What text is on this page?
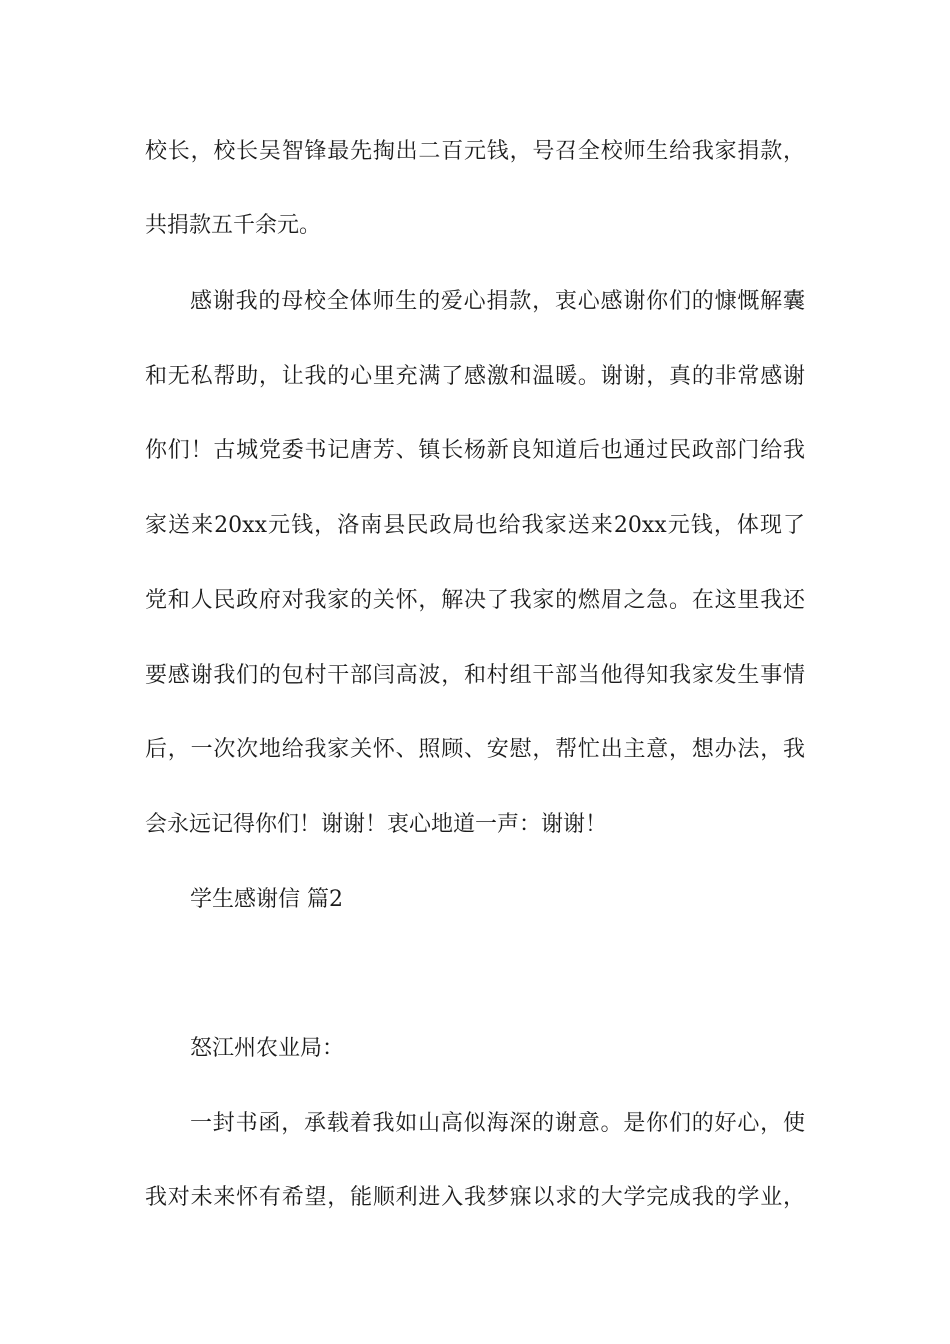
校长，校长吴智锋最先掏出二百元钱，号召全校师生给我家捐款，
共捐款五千余元。
感谢我的母校全体师生的爱心捐款，衷心感谢你们的慷慨解囊
和无私帮助，让我的心里充满了感激和温暖。谢谢，真的非常感谢
你们！古城党委书记唐芳、镇长杨新良知道后也通过民政部门给我
家送来20xx元钱，洛南县民政局也给我家送来20xx元钱，体现了
党和人民政府对我家的关怀，解决了我家的燃眉之急。在这里我还
要感谢我们的包村干部闫高波，和村组干部当他得知我家发生事情
后，一次次地给我家关怀、照顾、安慰，帮忙出主意，想办法，我
会永远记得你们！谢谢！衷心地道一声：谢谢！
学生感谢信 篇2
怒江州农业局：
一封书函，承载着我如山高似海深的谢意。是你们的好心，使
我对未来怀有希望，能顺利进入我梦寐以求的大学完成我的学业，
